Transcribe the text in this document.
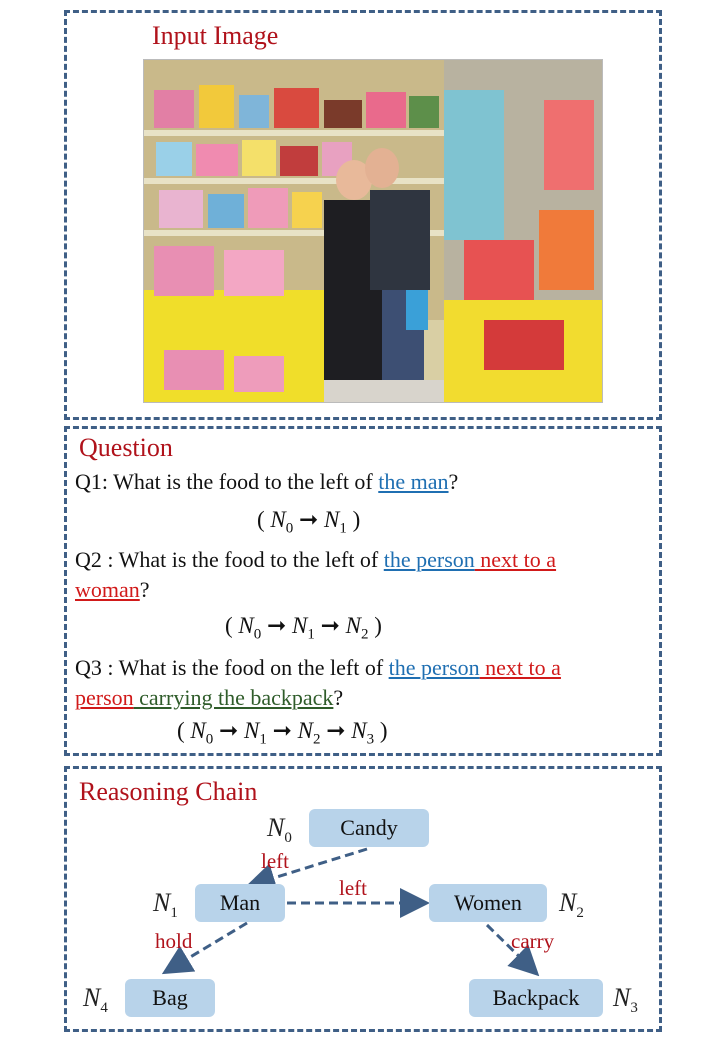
Input Image
Question
Q1: What is the food to the left of the man?
( $N_0$ ➞ $N_1$ )
Q2 : What is the food to the left of the person next to a
woman?
( $N_0$ ➞ $N_1$ ➞ $N_2$ )
Q3 : What is the food on the left of the person next to a
person carrying the backpack?
( $N_0$ ➞ $N_1$ ➞ $N_2$ ➞ $N_3$ )
Reasoning Chain
$N_0$	Candy
left
$N_1$	Man
left
Women	$N_2$
hold	carry
$N_4$	Bag	Backpack	$N_3$
